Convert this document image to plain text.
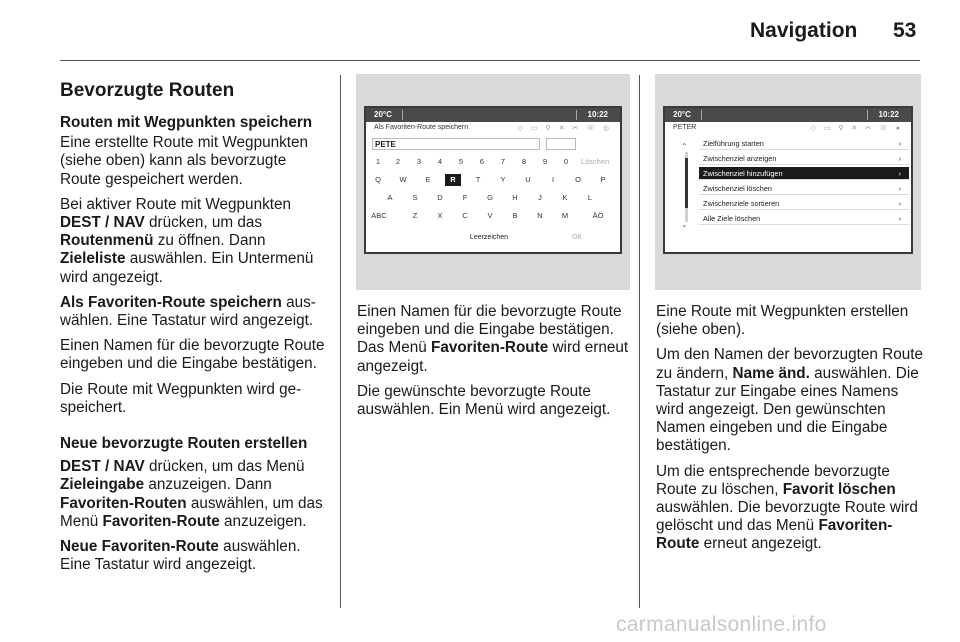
Navigation 53
Bevorzugte Routen
Routen mit Wegpunkten speichern

Eine erstellte Route mit Wegpunkten (siehe oben) kann als bevorzugte Route gespeichert werden.

Bei aktiver Route mit Wegpunkten DEST / NAV drücken, um das Routenmenü zu öffnen. Dann Zieleliste auswählen. Ein Untermenü wird angezeigt.

Als Favoriten-Route speichern auswählen. Eine Tastatur wird angezeigt.

Einen Namen für die bevorzugte Route eingeben und die Eingabe bestätigen.

Die Route mit Wegpunkten wird gespeichert.

Neue bevorzugte Routen erstellen

DEST / NAV drücken, um das Menü Zieleingabe anzuzeigen. Dann Favoriten-Routen auswählen, um das Menü Favoriten-Route anzuzeigen.

Neue Favoriten-Route auswählen. Eine Tastatur wird angezeigt.

20°C	10:22
Als Favoriten-Route speichern	◇ ▭ ⚲ ✕ ✂ ☏ ◎
PETE
1	2	3	4	5	6	7	8	9	0	Löschen
Q	W	E	R	T	Y	U	I	O	P
A	S	D	F	G	H	J	K	L
ABC	Z	X	C	V	B	N	M	ÄÖ
Leerzeichen	OK

Einen Namen für die bevorzugte Route eingeben und die Eingabe bestätigen. Das Menü Favoriten-Route wird erneut angezeigt.

Die gewünschte bevorzugte Route auswählen. Ein Menü wird angezeigt.

20°C	10:22
PETER	◇ ▭ ⚲ ✕ ✂ ☏ ●
⌃
⌄
Zielführung starten	›
Zwischenziel anzeigen	›
Zwischenziel hinzufügen	›
Zwischenziel löschen	›
Zwischenziele sortieren	›
Alle Ziele löschen	›

Eine Route mit Wegpunkten erstellen (siehe oben).

Um den Namen der bevorzugten Route zu ändern, Name änd. auswählen. Die Tastatur zur Eingabe eines Namens wird angezeigt. Den gewünschten Namen eingeben und die Eingabe bestätigen.

Um die entsprechende bevorzugte Route zu löschen, Favorit löschen auswählen. Die bevorzugte Route wird gelöscht und das Menü Favoriten-Route erneut angezeigt.

carmanualsonline.info
